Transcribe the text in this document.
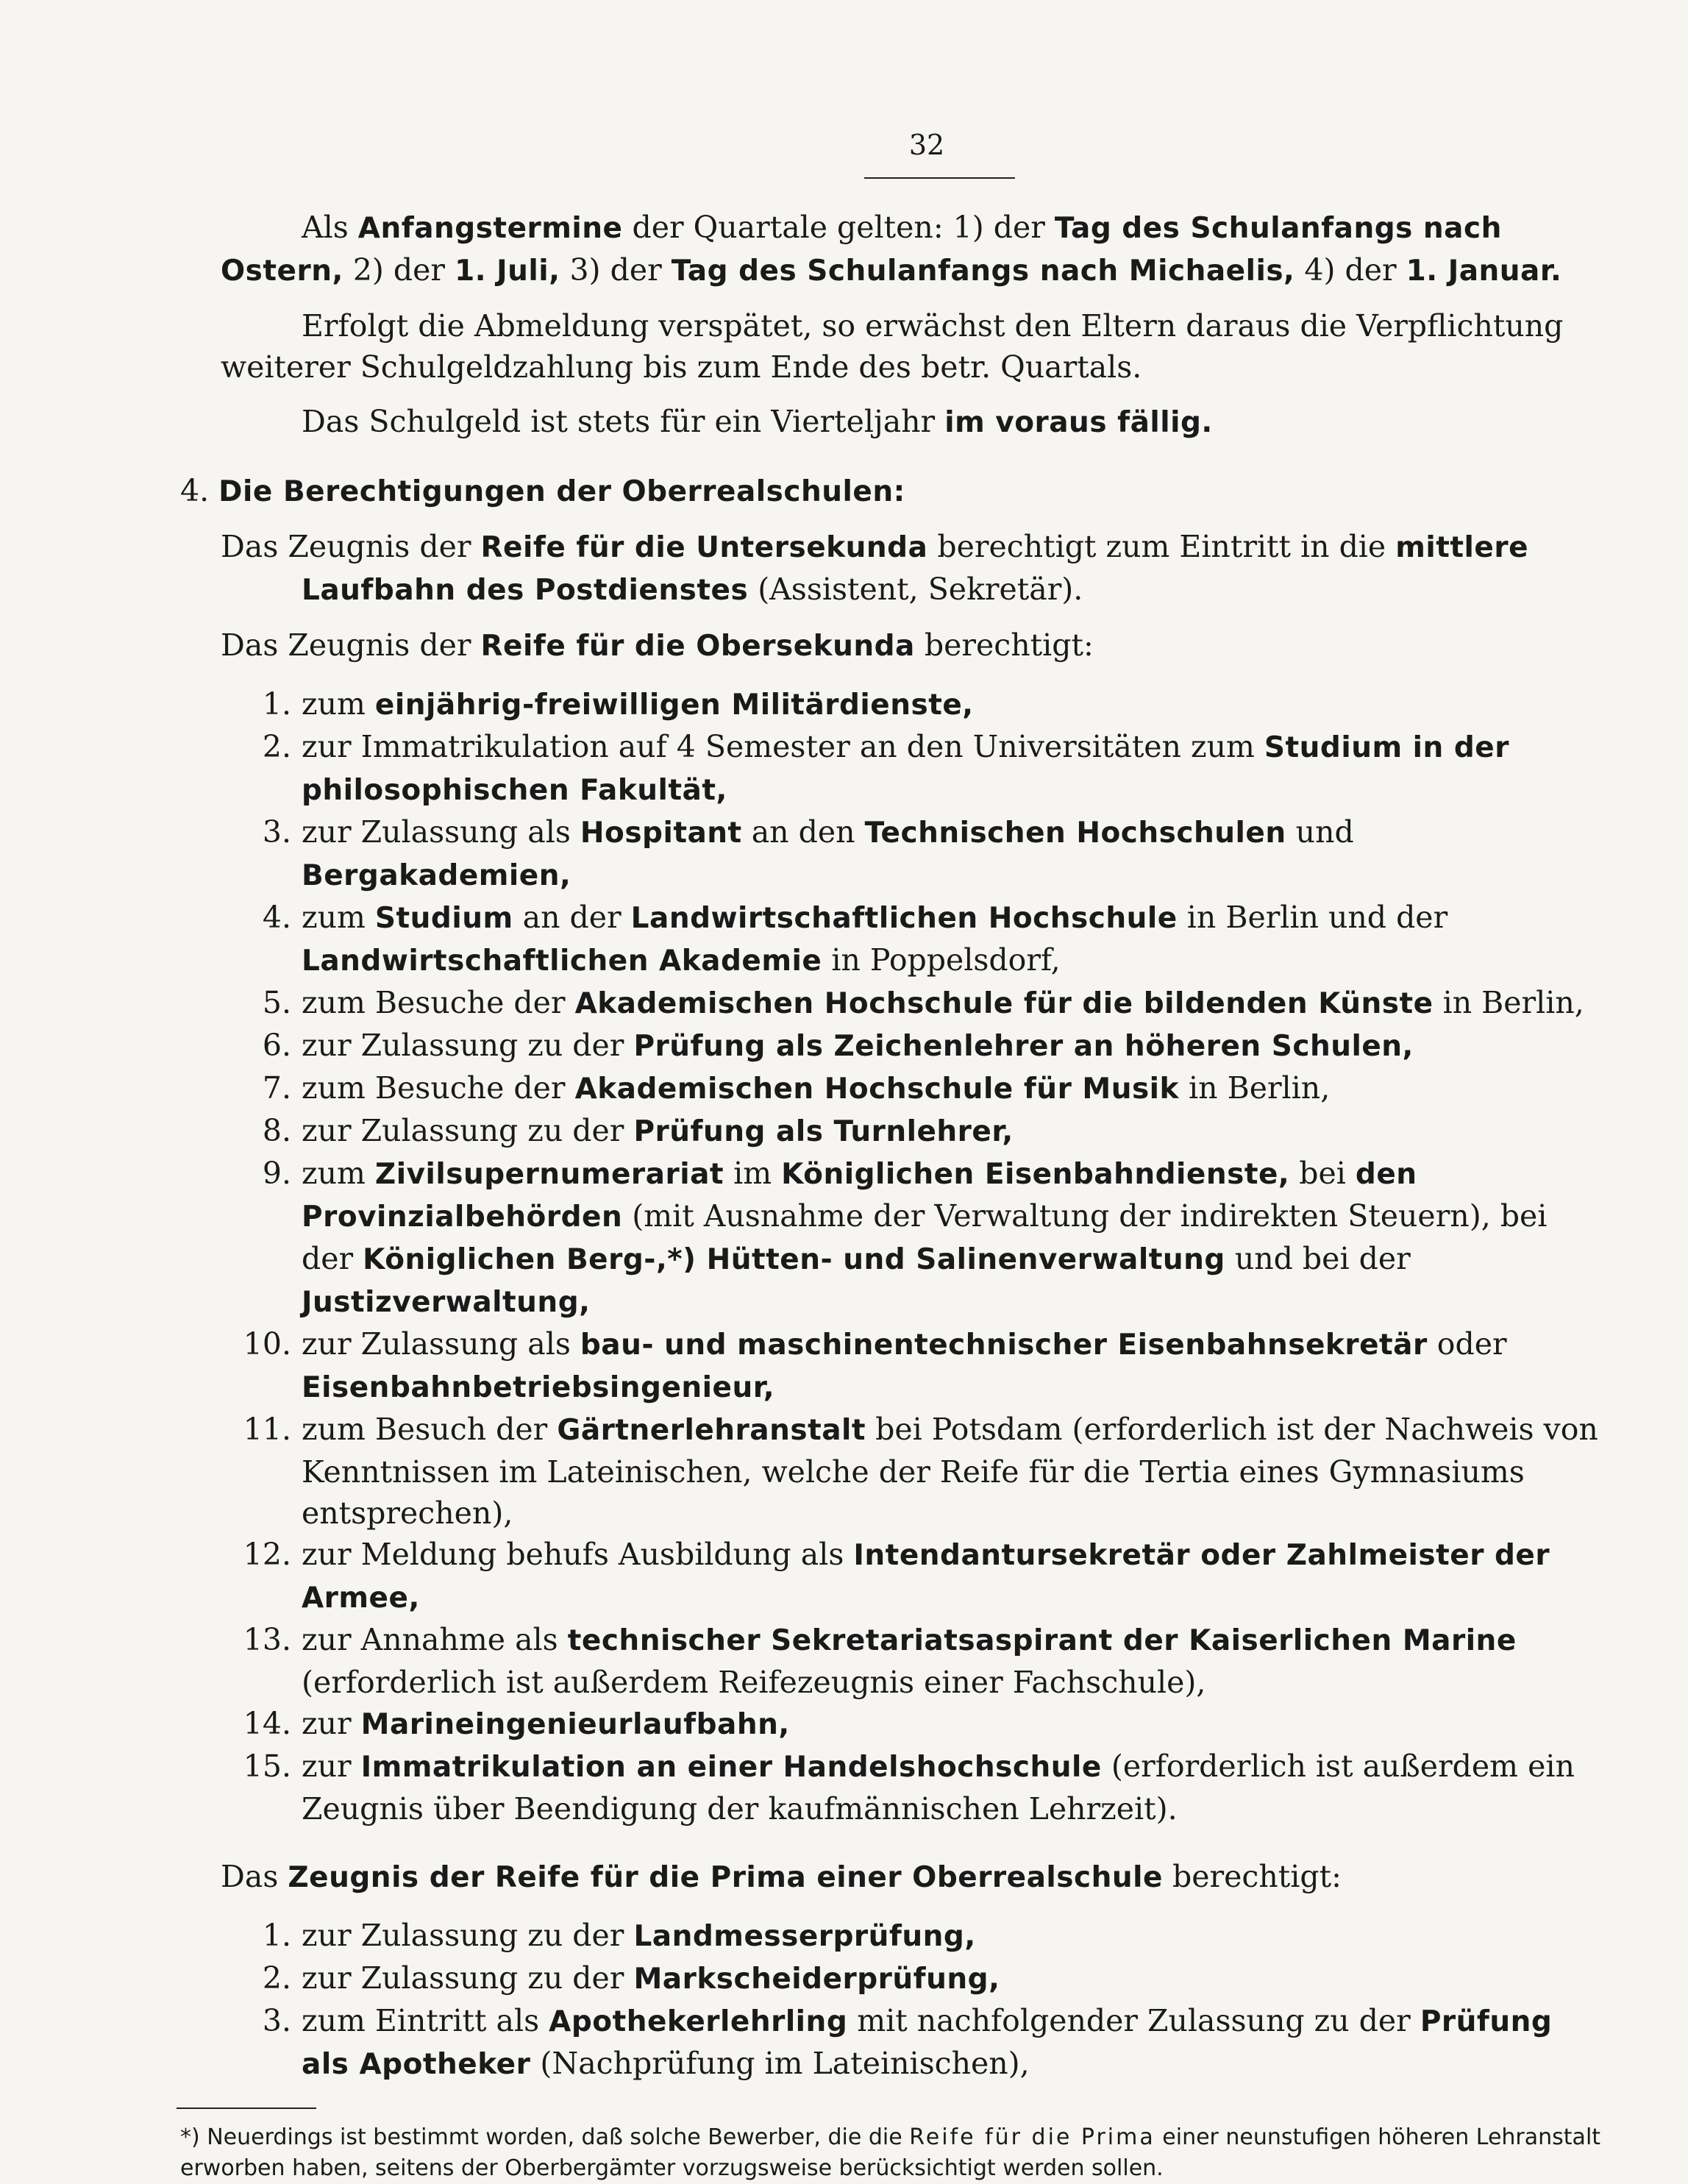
32

Als Anfangstermine der Quartale gelten: 1) der Tag des Schulanfangs nach Ostern, 2) der 1. Juli, 3) der Tag des Schulanfangs nach Michaelis, 4) der 1. Januar.

Erfolgt die Abmeldung verspätet, so erwächst den Eltern daraus die Verpflichtung weiterer Schulgeldzahlung bis zum Ende des betr. Quartals.

Das Schulgeld ist stets für ein Vierteljahr im voraus fällig.

4. Die Berechtigungen der Oberrealschulen:

Das Zeugnis der Reife für die Untersekunda berechtigt zum Eintritt in die mittlere Laufbahn des Postdienstes (Assistent, Sekretär).

Das Zeugnis der Reife für die Obersekunda berechtigt:

1. zum einjährig-freiwilligen Militärdienste,
2. zur Immatrikulation auf 4 Semester an den Universitäten zum Studium in der philosophischen Fakultät,
3. zur Zulassung als Hospitant an den Technischen Hochschulen und Bergakademien,
4. zum Studium an der Landwirtschaftlichen Hochschule in Berlin und der Landwirtschaftlichen Akademie in Poppelsdorf,
5. zum Besuche der Akademischen Hochschule für die bildenden Künste in Berlin,
6. zur Zulassung zu der Prüfung als Zeichenlehrer an höheren Schulen,
7. zum Besuche der Akademischen Hochschule für Musik in Berlin,
8. zur Zulassung zu der Prüfung als Turnlehrer,
9. zum Zivilsupernumerariat im Königlichen Eisenbahndienste, bei den Provinzialbehörden (mit Ausnahme der Verwaltung der indirekten Steuern), bei der Königlichen Berg-,*) Hütten- und Salinenverwaltung und bei der Justizverwaltung,
10. zur Zulassung als bau- und maschinentechnischer Eisenbahnsekretär oder Eisenbahnbetriebsingenieur,
11. zum Besuch der Gärtnerlehranstalt bei Potsdam (erforderlich ist der Nachweis von Kenntnissen im Lateinischen, welche der Reife für die Tertia eines Gymnasiums entsprechen),
12. zur Meldung behufs Ausbildung als Intendantursekretär oder Zahlmeister der Armee,
13. zur Annahme als technischer Sekretariatsaspirant der Kaiserlichen Marine (erforderlich ist außerdem Reifezeugnis einer Fachschule),
14. zur Marineingenieurlaufbahn,
15. zur Immatrikulation an einer Handelshochschule (erforderlich ist außerdem ein Zeugnis über Beendigung der kaufmännischen Lehrzeit).

Das Zeugnis der Reife für die Prima einer Oberrealschule berechtigt:

1. zur Zulassung zu der Landmesserprüfung,
2. zur Zulassung zu der Markscheiderprüfung,
3. zum Eintritt als Apothekerlehrling mit nachfolgender Zulassung zu der Prüfung als Apotheker (Nachprüfung im Lateinischen),
*) Neuerdings ist bestimmt worden, daß solche Bewerber, die die Reife für die Prima einer neunstufigen höheren Lehranstalt erworben haben, seitens der Oberbergämter vorzugsweise berücksichtigt werden sollen.
